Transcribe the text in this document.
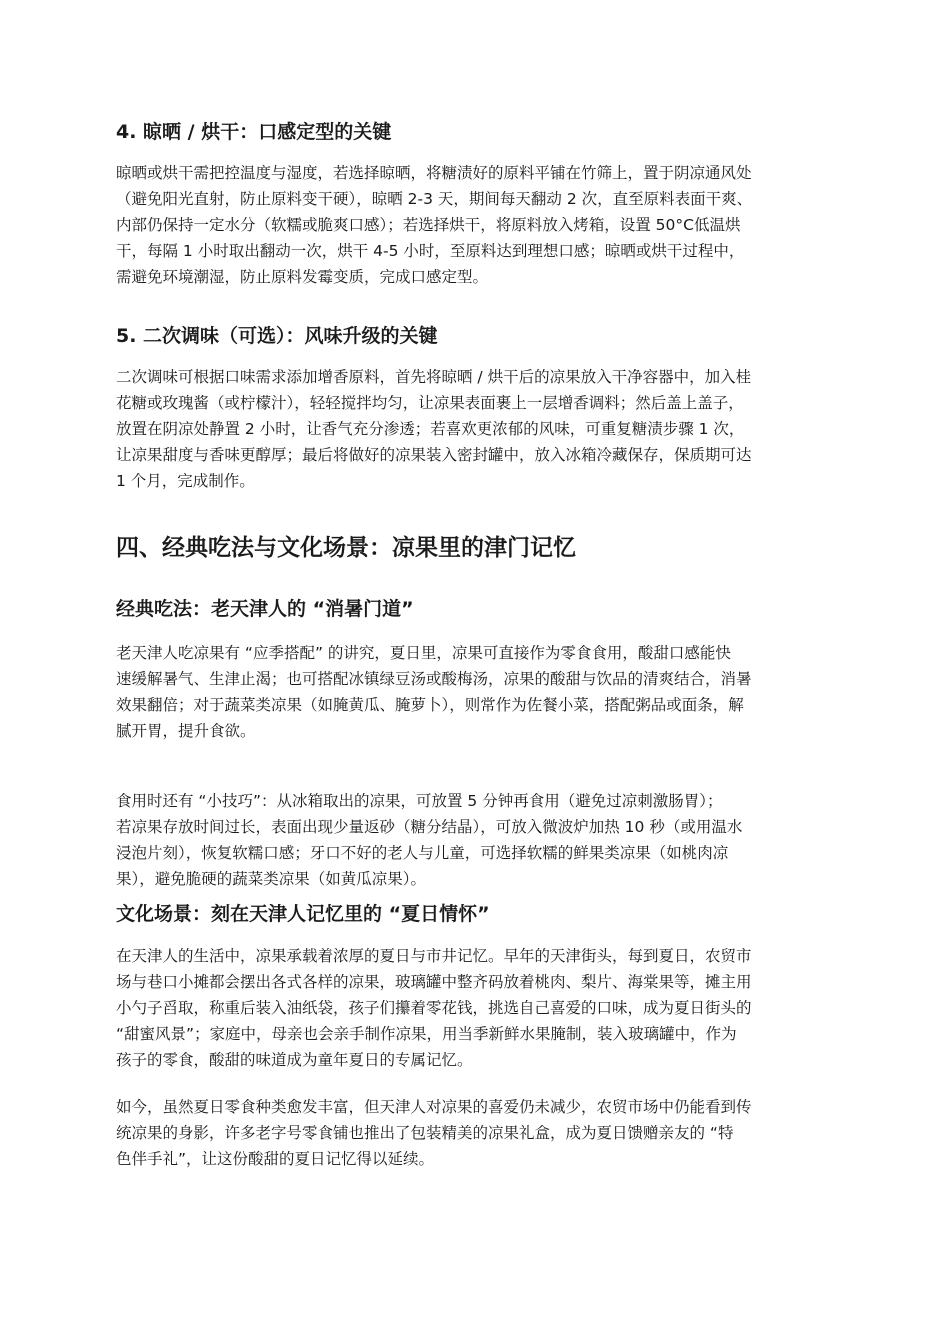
4. 晾晒 / 烘干：口感定型的关键

晾晒或烘干需把控温度与湿度，若选择晾晒，将糖渍好的原料平铺在竹筛上，置于阴凉通风处
（避免阳光直射，防止原料变干硬），晾晒 2-3 天，期间每天翻动 2 次，直至原料表面干爽、
内部仍保持一定水分（软糯或脆爽口感）；若选择烘干，将原料放入烤箱，设置 50°C低温烘
干，每隔 1 小时取出翻动一次，烘干 4-5 小时，至原料达到理想口感；晾晒或烘干过程中，
需避免环境潮湿，防止原料发霉变质，完成口感定型。

5. 二次调味（可选）：风味升级的关键

二次调味可根据口味需求添加增香原料，首先将晾晒 / 烘干后的凉果放入干净容器中，加入桂
花糖或玫瑰酱（或柠檬汁），轻轻搅拌均匀，让凉果表面裹上一层增香调料；然后盖上盖子，
放置在阴凉处静置 2 小时，让香气充分渗透；若喜欢更浓郁的风味，可重复糖渍步骤 1 次，
让凉果甜度与香味更醇厚；最后将做好的凉果装入密封罐中，放入冰箱冷藏保存，保质期可达
1 个月，完成制作。

四、经典吃法与文化场景：凉果里的津门记忆
经典吃法：老天津人的 “消暑门道”

老天津人吃凉果有 “应季搭配” 的讲究，夏日里，凉果可直接作为零食食用，酸甜口感能快
速缓解暑气、生津止渴；也可搭配冰镇绿豆汤或酸梅汤，凉果的酸甜与饮品的清爽结合，消暑
效果翻倍；对于蔬菜类凉果（如腌黄瓜、腌萝卜），则常作为佐餐小菜，搭配粥品或面条，解
腻开胃，提升食欲。

食用时还有 “小技巧”：从冰箱取出的凉果，可放置 5 分钟再食用（避免过凉刺激肠胃）；
若凉果存放时间过长，表面出现少量返砂（糖分结晶），可放入微波炉加热 10 秒（或用温水
浸泡片刻），恢复软糯口感；牙口不好的老人与儿童，可选择软糯的鲜果类凉果（如桃肉凉
果），避免脆硬的蔬菜类凉果（如黄瓜凉果）。

文化场景：刻在天津人记忆里的 “夏日情怀”

在天津人的生活中，凉果承载着浓厚的夏日与市井记忆。早年的天津街头，每到夏日，农贸市
场与巷口小摊都会摆出各式各样的凉果，玻璃罐中整齐码放着桃肉、梨片、海棠果等，摊主用
小勺子舀取，称重后装入油纸袋，孩子们攥着零花钱，挑选自己喜爱的口味，成为夏日街头的
“甜蜜风景”；家庭中，母亲也会亲手制作凉果，用当季新鲜水果腌制，装入玻璃罐中，作为
孩子的零食，酸甜的味道成为童年夏日的专属记忆。

如今，虽然夏日零食种类愈发丰富，但天津人对凉果的喜爱仍未减少，农贸市场中仍能看到传
统凉果的身影，许多老字号零食铺也推出了包装精美的凉果礼盒，成为夏日馈赠亲友的 “特
色伴手礼”，让这份酸甜的夏日记忆得以延续。
